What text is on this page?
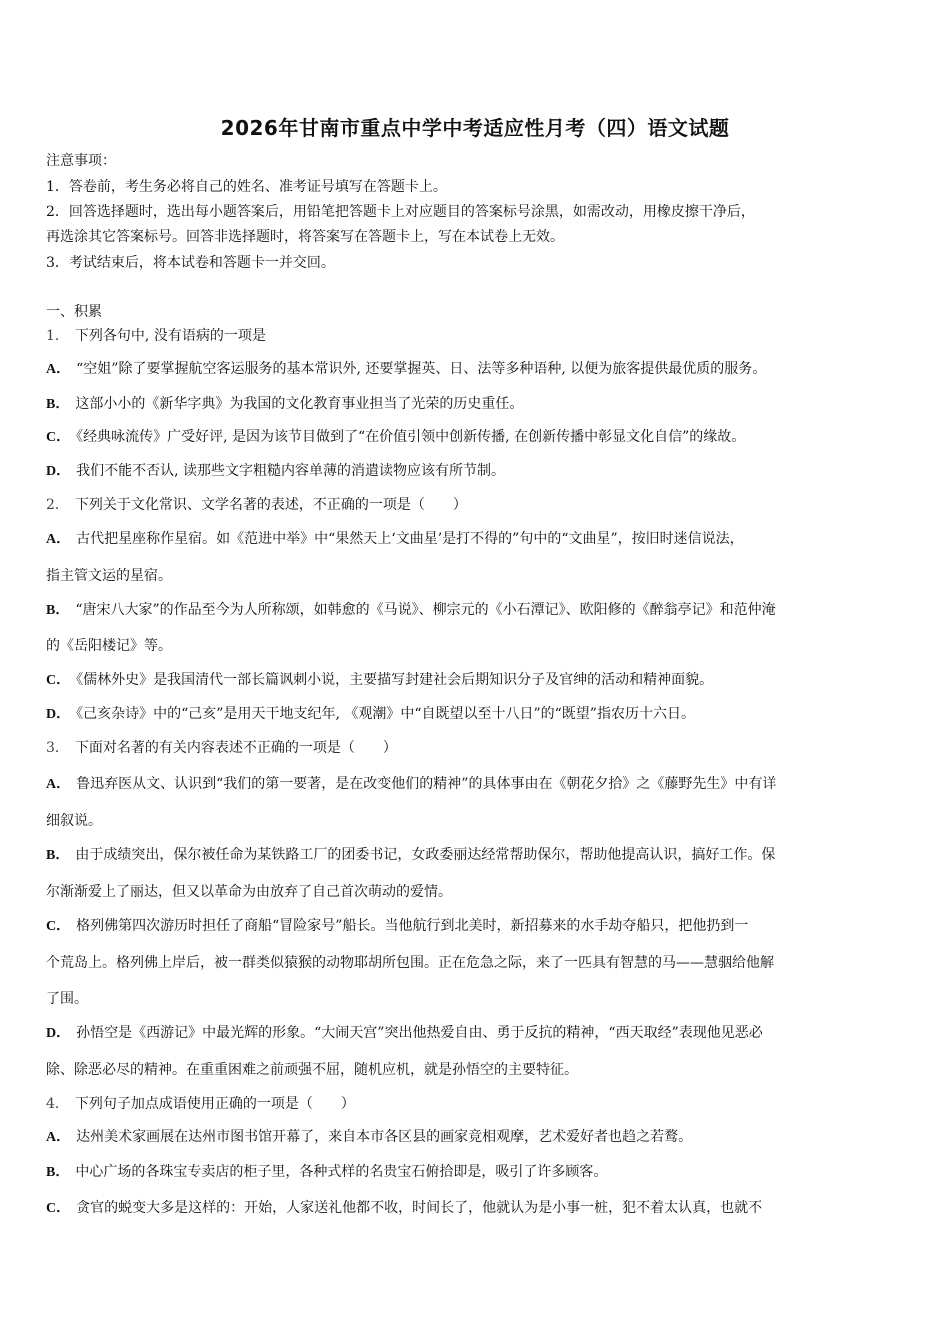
2026年甘南市重点中学中考适应性月考（四）语文试题
注意事项：
1．答卷前，考生务必将自己的姓名、准考证号填写在答题卡上。
2．回答选择题时，选出每小题答案后，用铅笔把答题卡上对应题目的答案标号涂黑，如需改动，用橡皮擦干净后，
再选涂其它答案标号。回答非选择题时，将答案写在答题卡上，写在本试卷上无效。
3．考试结束后，将本试卷和答题卡一并交回。
一、积累
1． 下列各句中, 没有语病的一项是
A． “空姐”除了要掌握航空客运服务的基本常识外, 还要掌握英、日、法等多种语种, 以便为旅客提供最优质的服务。
B． 这部小小的《新华字典》为我国的文化教育事业担当了光荣的历史重任。
C． 《经典咏流传》广受好评, 是因为该节目做到了“在价值引领中创新传播, 在创新传播中彰显文化自信”的缘故。
D． 我们不能不否认, 读那些文字粗糙内容单薄的消遣读物应该有所节制。
2． 下列关于文化常识、文学名著的表述，不正确的一项是（　　）
A． 古代把星座称作星宿。如《范进中举》中“果然天上‘文曲星’是打不得的”句中的“文曲星”，按旧时迷信说法，
指主管文运的星宿。
B． “唐宋八大家”的作品至今为人所称颂，如韩愈的《马说》、柳宗元的《小石潭记》、欧阳修的《醉翁亭记》和范仲淹
的《岳阳楼记》等。
C． 《儒林外史》是我国清代一部长篇讽刺小说，主要描写封建社会后期知识分子及官绅的活动和精神面貌。
D． 《己亥杂诗》中的“己亥”是用天干地支纪年, 《观潮》中“自既望以至十八日”的“既望”指农历十六日。
3． 下面对名著的有关内容表述不正确的一项是（　　）
A． 鲁迅弃医从文、认识到“我们的第一要著，是在改变他们的精神”的具体事由在《朝花夕拾》之《藤野先生》中有详
细叙说。
B． 由于成绩突出，保尔被任命为某铁路工厂的团委书记，女政委丽达经常帮助保尔，帮助他提高认识，搞好工作。保
尔渐渐爱上了丽达，但又以革命为由放弃了自己首次萌动的爱情。
C． 格列佛第四次游历时担任了商船“冒险家号”船长。当他航行到北美时，新招募来的水手劫夺船只，把他扔到一
个荒岛上。格列佛上岸后，被一群类似猿猴的动物耶胡所包围。正在危急之际，来了一匹具有智慧的马——慧骃给他解
了围。
D． 孙悟空是《西游记》中最光辉的形象。“大闹天宫”突出他热爱自由、勇于反抗的精神，“西天取经”表现他见恶必
除、除恶必尽的精神。在重重困难之前顽强不屈，随机应机，就是孙悟空的主要特征。
4． 下列句子加点成语使用正确的一项是（　　）
A． 达州美术家画展在达州市图书馆开幕了，来自本市各区县的画家竞相观摩，艺术爱好者也趋之若鹜。
B． 中心广场的各珠宝专卖店的柜子里，各种式样的名贵宝石俯拾即是，吸引了许多顾客。
C． 贪官的蜕变大多是这样的：开始，人家送礼他都不收，时间长了，他就认为是小事一桩，犯不着太认真，也就不
